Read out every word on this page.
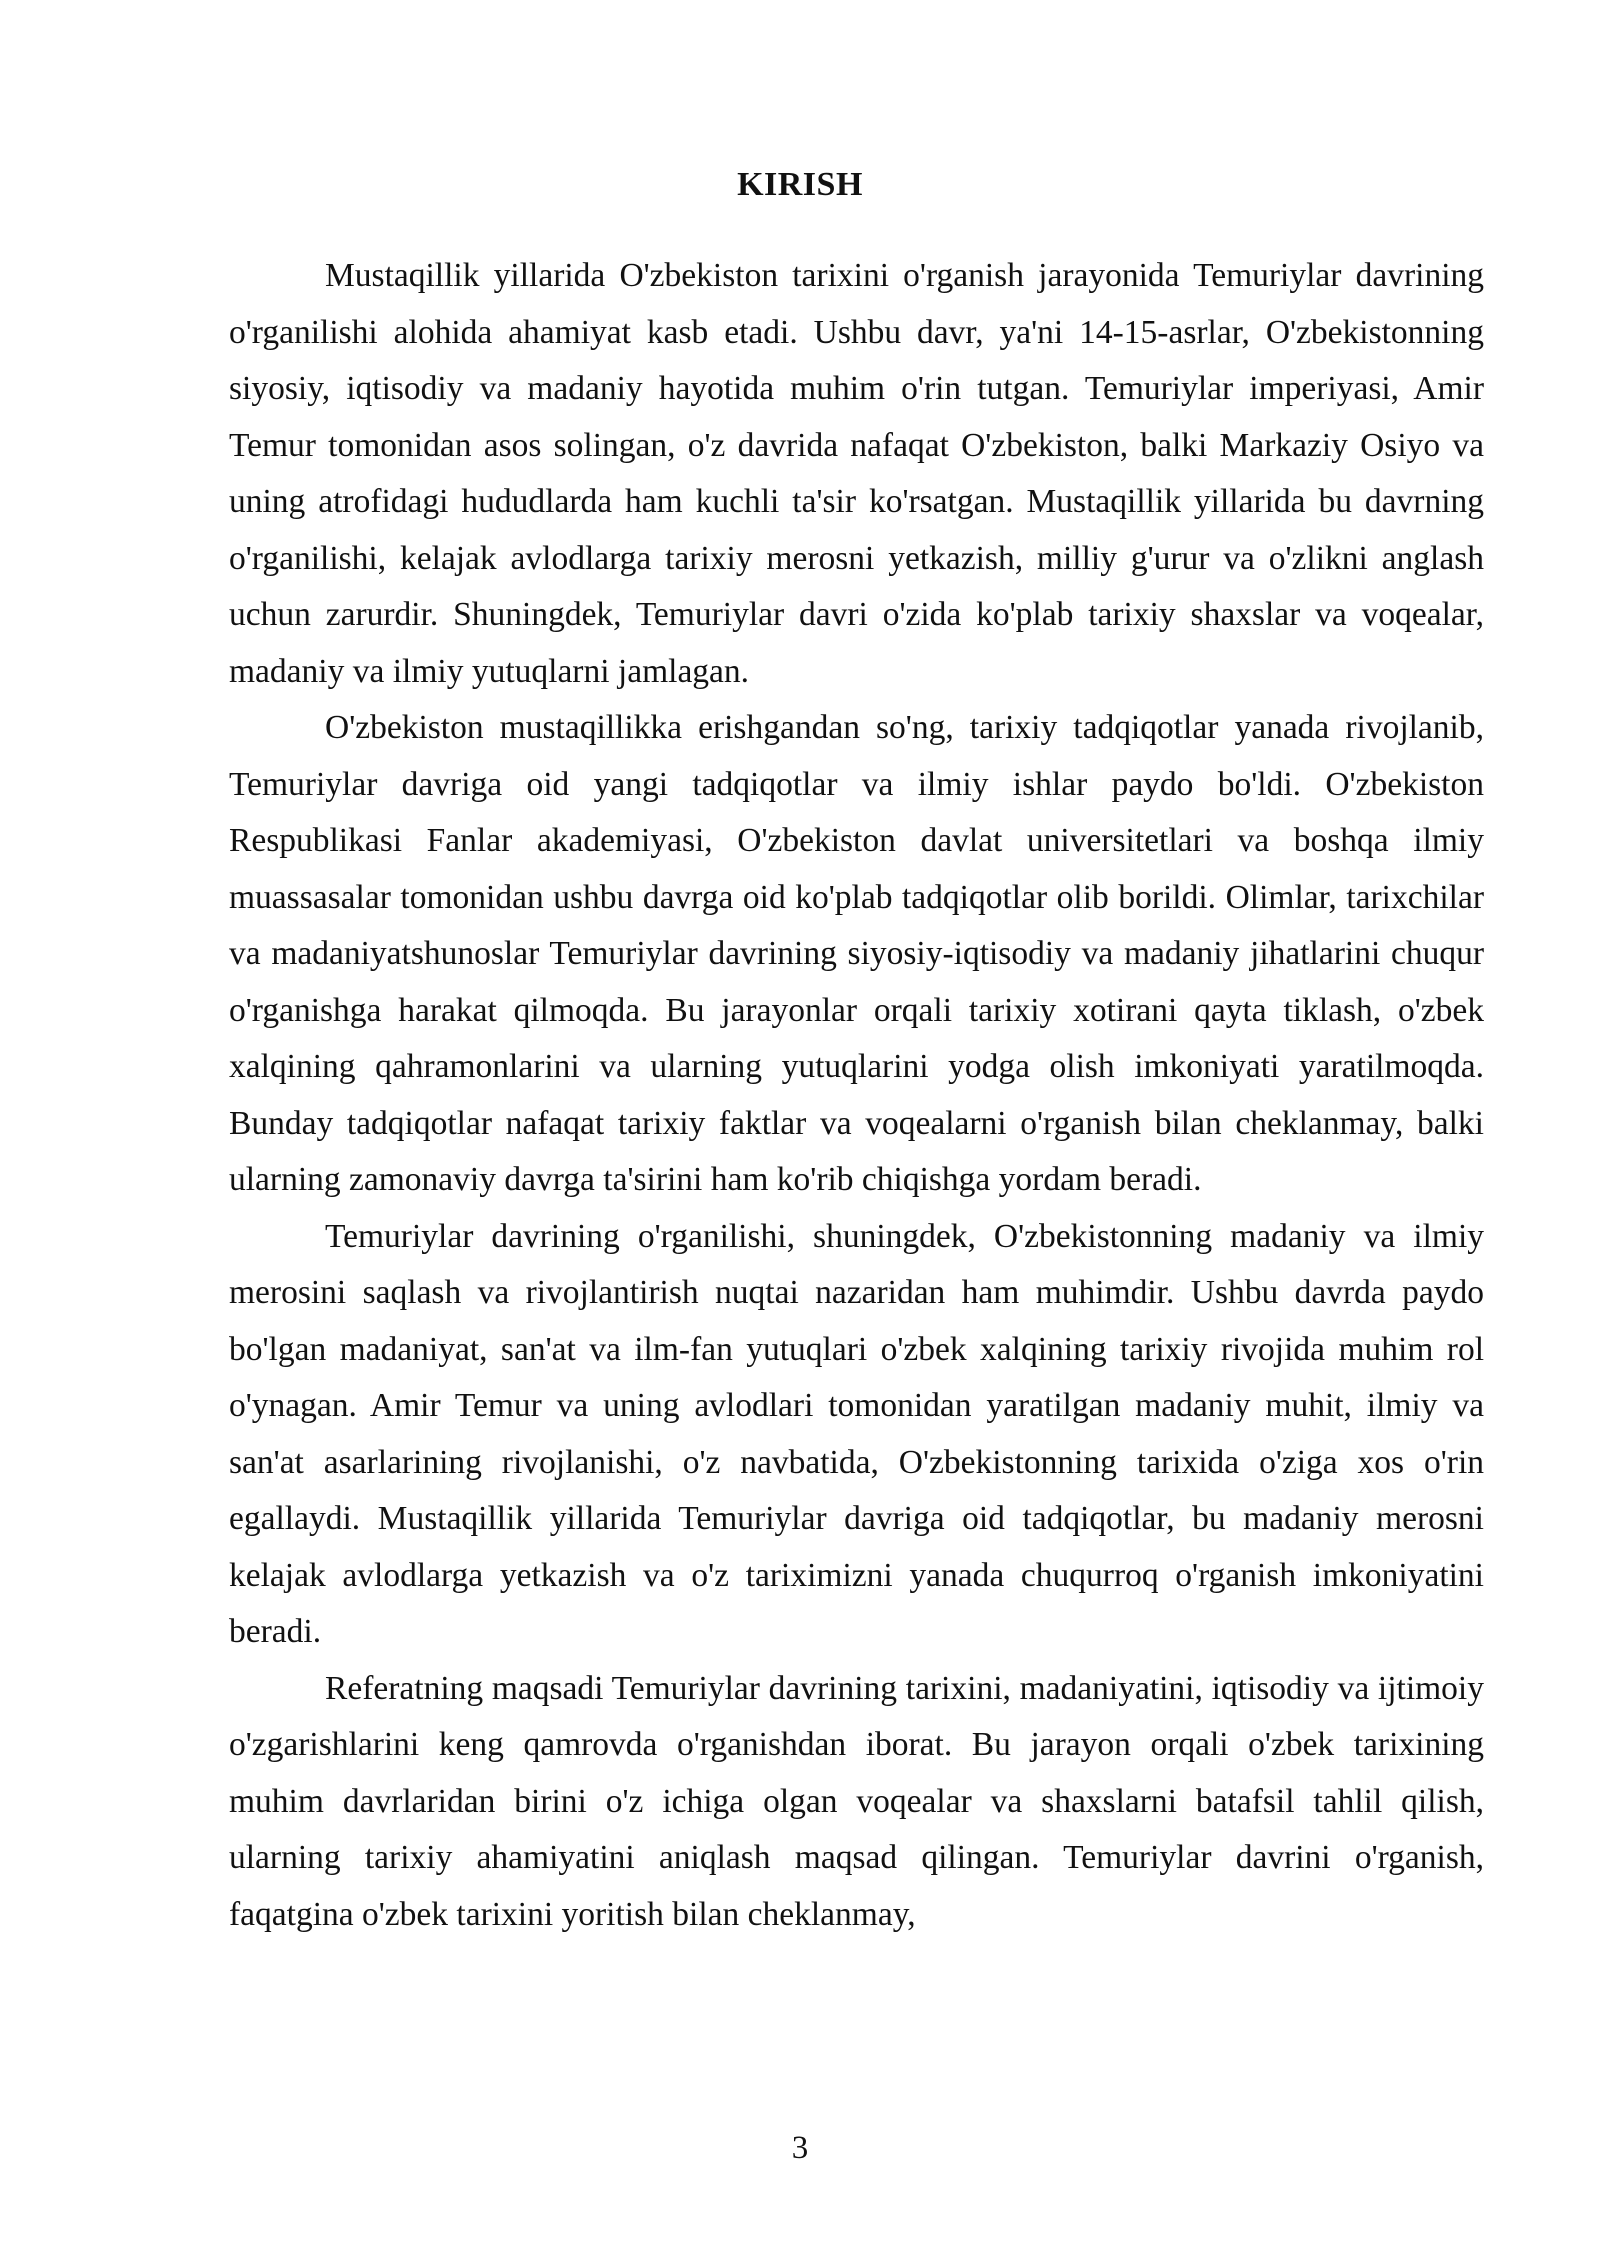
KIRISH

Mustaqillik yillarida O'zbekiston tarixini o'rganish jarayonida Temuriylar davrining o'rganilishi alohida ahamiyat kasb etadi. Ushbu davr, ya'ni 14-15-asrlar, O'zbekistonning siyosiy, iqtisodiy va madaniy hayotida muhim o'rin tutgan. Temuriylar imperiyasi, Amir Temur tomonidan asos solingan, o'z davrida nafaqat O'zbekiston, balki Markaziy Osiyo va uning atrofidagi hududlarda ham kuchli ta'sir ko'rsatgan. Mustaqillik yillarida bu davrning o'rganilishi, kelajak avlodlarga tarixiy merosni yetkazish, milliy g'urur va o'zlikni anglash uchun zarurdir. Shuningdek, Temuriylar davri o'zida ko'plab tarixiy shaxslar va voqealar, madaniy va ilmiy yutuqlarni jamlagan.

O'zbekiston mustaqillikka erishgandan so'ng, tarixiy tadqiqotlar yanada rivojlanib, Temuriylar davriga oid yangi tadqiqotlar va ilmiy ishlar paydo bo'ldi. O'zbekiston Respublikasi Fanlar akademiyasi, O'zbekiston davlat universitetlari va boshqa ilmiy muassasalar tomonidan ushbu davrga oid ko'plab tadqiqotlar olib borildi. Olimlar, tarixchilar va madaniyatshunoslar Temuriylar davrining siyosiy-iqtisodiy va madaniy jihatlarini chuqur o'rganishga harakat qilmoqda. Bu jarayonlar orqali tarixiy xotirani qayta tiklash, o'zbek xalqining qahramonlarini va ularning yutuqlarini yodga olish imkoniyati yaratilmoqda. Bunday tadqiqotlar nafaqat tarixiy faktlar va voqealarni o'rganish bilan cheklanmay, balki ularning zamonaviy davrga ta'sirini ham ko'rib chiqishga yordam beradi.

Temuriylar davrining o'rganilishi, shuningdek, O'zbekistonning madaniy va ilmiy merosini saqlash va rivojlantirish nuqtai nazaridan ham muhimdir. Ushbu davrda paydo bo'lgan madaniyat, san'at va ilm-fan yutuqlari o'zbek xalqining tarixiy rivojida muhim rol o'ynagan. Amir Temur va uning avlodlari tomonidan yaratilgan madaniy muhit, ilmiy va san'at asarlarining rivojlanishi, o'z navbatida, O'zbekistonning tarixida o'ziga xos o'rin egallaydi. Mustaqillik yillarida Temuriylar davriga oid tadqiqotlar, bu madaniy merosni kelajak avlodlarga yetkazish va o'z tariximizni yanada chuqurroq o'rganish imkoniyatini beradi.

Referatning maqsadi Temuriylar davrining tarixini, madaniyatini, iqtisodiy va ijtimoiy o'zgarishlarini keng qamrovda o'rganishdan iborat. Bu jarayon orqali o'zbek tarixining muhim davrlaridan birini o'z ichiga olgan voqealar va shaxslarni batafsil tahlil qilish, ularning tarixiy ahamiyatini aniqlash maqsad qilingan. Temuriylar davrini o'rganish, faqatgina o'zbek tarixini yoritish bilan cheklanmay,

3
